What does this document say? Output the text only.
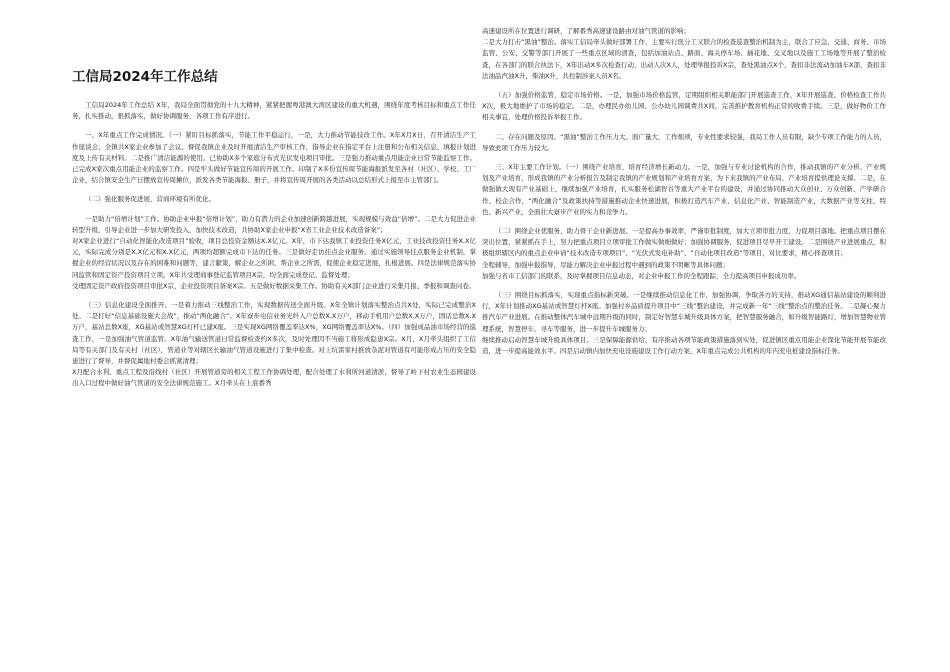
工信局2024年工作总结

工信局2024年工作总结 X年，我局全面贯彻党的十九大精神，紧紧把握粤港澳大湾区建设的重大机遇，围绕年度考核目标和重点工作任务，扎实推动，狠抓落实，做好协调服务，各项工作有序进行。

一、X年重点工作完成情况。（一）紧盯目标抓落实，节能工作平稳运行，一是，大力推动节能技改工作。X年X月X日，召开清洁生产工作座谈会，全镇共X家企业参加了会议。督促我镇企业及时开展清洁生产审核工作，指导企业在指定平台上注册和公布相关信息、填报计划进度及上传有关材料。二是推广清洁能源的使用。已协助X多个家庭分布式光伏发电项目审批。三是强力推动重点用能企业日常节能监察工作。已完成X家次重点用能企业的监察工作。四是牢头做好节能宣传周的开展工作。印制了X多份宣传周节能海报派发至各村（社区）、学校、工厂企业，结合镇安全生产日摆放宣传周摊位，派发各类节能海报、册子，并将宣传周开展的各类活动以总结形式上报至市主管部门。

（二）强化服务促进展，营商环境有所优化。

一是助力“倍增计划”工作。协助企业申报“倍增计划”，助力有潜力的企业加速创新跨越进展，实现规模与效益“倍增”。二是大力促进企业转型升级，引导企业进一步加大研发投入，加快技术改造，共协助X家企业申报“X省工业企业技术改造备案”；
对X家企业进行“自动化智能化改造项目”验收，项目总投资金额达X.X亿元。X年，市下达我镇工业投资任务X亿元，工业技改投资任务X.X亿元，实际完成分别是X.X亿元和X.X亿元，两项均超额完成市下达的任务。三是做好走访挂点企业服务。通过实施领导挂点服务企业机制，掌握企业的经营状况以及存在的困难和问题等，建言献策，解企业之所困、帮企业之所需，促使企业稳定进展，扎根进展。四是法律规范落实协同监管和固定资产投资项目立项。X年共受理商事登记监管项目X宗，均全面完成登记、监督处理；
受理固定资产政府投资项目审批X宗，企业投资项目备案X宗。五是做好数据采集工作。协助有关X部门企业进行采集月报、季报和调查问卷。

（三）信息化建设全面推开。一是着力推动三线整治工作，实现数据传送全面升级。X年全镇计划落实整治点共X处，实际已完成整治X处。二是打好“信息基础设施大会战”，推动“两化融合”。X年寮步电信业务光纤入户总数X.X万户，移动手机用户总数X.X万户，固话总数X.X万户，基站总数X座，XG基站或智慧XG灯杆已建X座。三是实现XG网络覆盖率达X%，XG网络覆盖率达X%。（四）加强成品油市场经营的巡查工作，一是加强油气管道监管。X年油气输送管道日常监督检查约X多次，及时处理因不当施工将形成隐患X宗。X月，X月牵头组织了工信局等有关部门及有关村（社区），管道业等对辖区长输油气管道设施进行了集中检查。对上坑雷家村推放杂泥对管道有可能形成占压的安全隐患进行了督导，并督促属地村委会抓紧清理；
X月配合水利、重点工程及沿线村（社区）开展管道旁的相关工程工作协调处理，配合处理了水利所河道清淤，督导了岭下村农业生态园建设出入口过程中做好油气管道的安全法律规范施工。X月牵头在上底番秀

高速建设所在位置进行调研，了解番秀高速建设路由对油气管道的影响；
二是大力打击“黑油”整治。落实工信局牵头做好部署工作，主要实行医分工又联合的检查巡查整治机制为主，联合了应急、交通、商务、市场监管、公安、交警等部门开展了一些重点区域的清查，包括加油站点、路面、海关停车场、插花地、交叉地以及施工工场地等开展了整治检查，在各部门的联合执法下，X年出动X多次检查行动，出动人次X人，处理举报投诉X宗，查处黑油点X个，查扣非法流动加油车X部，查扣非法油品汽油X升，柴油X升，共控制涉案人员X名。

（五）加强价格监管，稳定市场价格。一是，加强市场价格监管，定期组织相关职能部门开展巡查工作，X年开展巡查、价格检查工作共X次，极大地维护了市场的稳定。二是，办理民办幼儿园、公办幼儿园调费共X间，完善推护教育机构正常的收费手续。三是，做好物价工作相关事宜，处理价格投诉举报工作。

二、存在问题及原因。“黑油”整治工作压力大。面广量大，工作烦琐，专业性要求较强，我局工作人员有限，缺少专项工作能力的人员，导致此项工作压力较大。

三、X年主要工作计划。（一）围绕产业培育，培育经济增长新动力。一是，加强与专业讨论机构的合作，推动我镇的产业分析、产业规划及产业培育，形成我镇的产业分析报告及制定我镇的产业规划和产业培育方案，为下来我镇的产业布局、产业培育提供理论支撑。二是，在做强做大现有产业基础上，继续加强产业培育，扎实服务松湖智谷等重大产业平台的建设，并通过协同推动大众创业、万众创新、产学研合作、校企合作，“两化融合”及政策扶持等措施推动企业快速进展，积极打造汽车产业、信息化产业、智能制造产业、大数据产业等支柱、特色、新兴产业，全面壮大寮步产业的实力和竞争力。

（二）围绕企业优服务，助力骨干企业新进展。一是提高办事效率，严谨审批制度，加大立项审批力度，力促项目落地。把重点项目摆在突出位置，紧紧抓在手上，努力把重点项目立项审批工作做实做细做好；加强协调服务，促进项目尽早开工建设。二是围绕产业进展重点，积极组织辖区内的重点企业申请“技术改造专项项目”、“光伏式发电补助”、“自动化项目改造”等项目，对比要求，精心择查项目；
全程辅导，加强申报指导，尽能力解决企业申报过程中遇到的政策不明晰等具体问题；
加强与省市工信部门的联系，及时掌握项目信息动态，对企业申报工作的全程跟踪，全力提高项目申报成功率。

（三）围绕目标抓落实，实现重点指标新突破。一是继续推动信息化工作，加强协调，争取各方的支持，推动XG通信基站建设的顺利进行，X年计划推动XG基站或智慧灯杆X座。加强村乡品质提升项目中“三线”整治建设，并完成新一年“三线”整治点的整治任务。二是凝心聚力推汽车产业进展。在推动整体汽车城中远期升级的同时，制定好智慧车城升级具体方案，把智慧服务融合，如升级智能路灯，增加智慧物业管理系统，智慧停车，寻车等服务，进一步提升车城服务力；
继续推动启动智慧车城升级具体项目。三是保障能源供给，有序推动各项节能政策措施落到实处，促进镇区重点用能企业深化节能开展节能改造，进一步提高能效水平。四是启动镇内加快充电设施建设工作行动方案，X年重点完成公共机构的年内充电桩建设指标任务。
